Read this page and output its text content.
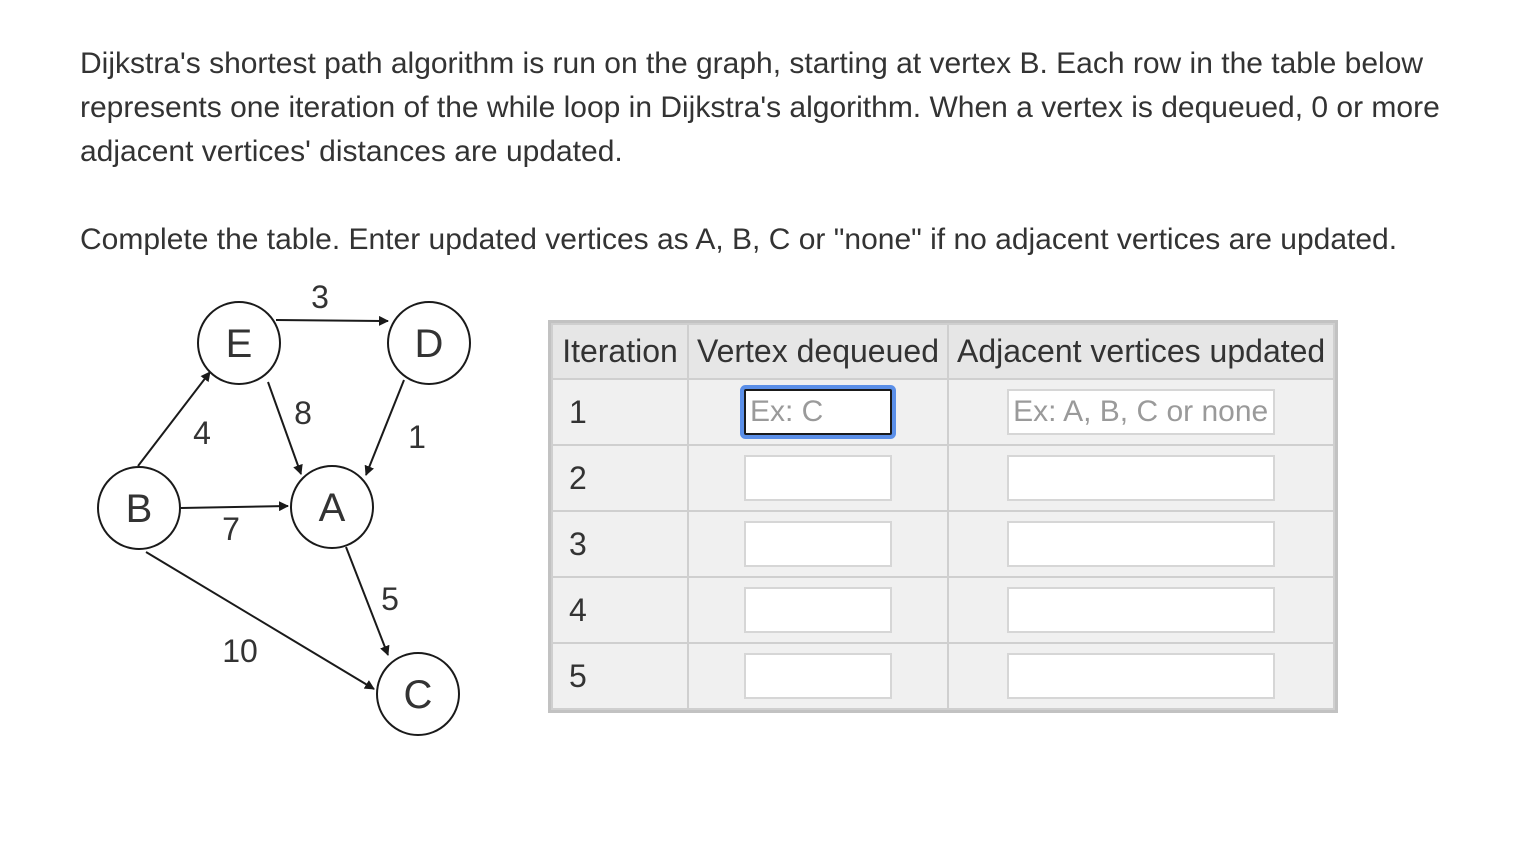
Dijkstra's shortest path algorithm is run on the graph, starting at vertex B. Each row in the table below represents one iteration of the while loop in Dijkstra's algorithm. When a vertex is dequeued, 0 or more adjacent vertices' distances are updated.

Complete the table. Enter updated vertices as A, B, C or "none" if no adjacent vertices are updated.

3
4
8
1
7
5
10
E	D
B	A
C
Iteration	Vertex dequeued	Adjacent vertices updated
1	Ex: C	Ex: A, B, C or none
2		
3		
4		
5		
